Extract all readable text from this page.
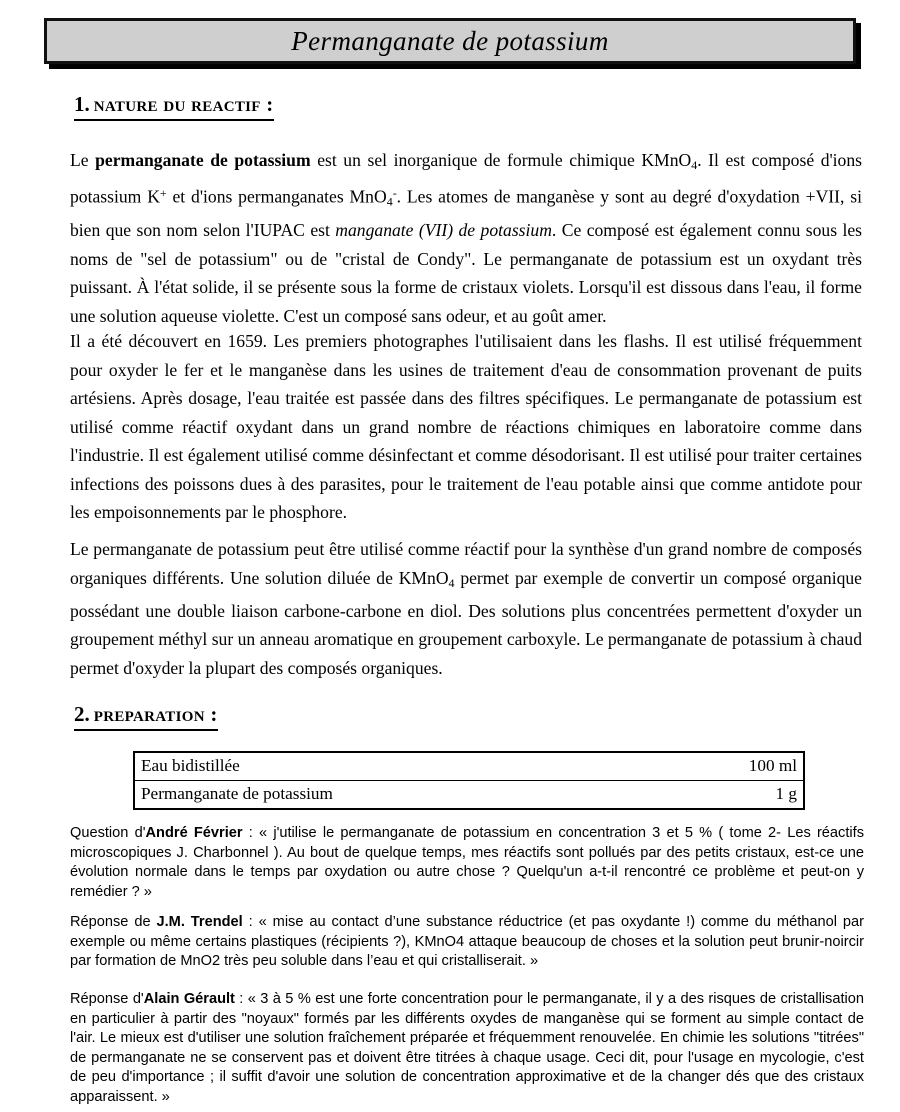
Permanganate de potassium
1. nature du reactif :
Le permanganate de potassium est un sel inorganique de formule chimique KMnO$_4$. Il est composé d'ions potassium K+ et d'ions permanganates MnO$_4$-. Les atomes de manganèse y sont au degré d'oxydation +VII, si bien que son nom selon l'IUPAC est manganate (VII) de potassium. Ce composé est également connu sous les noms de "sel de potassium" ou de "cristal de Condy". Le permanganate de potassium est un oxydant très puissant. À l'état solide, il se présente sous la forme de cristaux violets. Lorsqu'il est dissous dans l'eau, il forme une solution aqueuse violette. C'est un composé sans odeur, et au goût amer.
Il a été découvert en 1659. Les premiers photographes l'utilisaient dans les flashs. Il est utilisé fréquemment pour oxyder le fer et le manganèse dans les usines de traitement d'eau de consommation provenant de puits artésiens. Après dosage, l'eau traitée est passée dans des filtres spécifiques. Le permanganate de potassium est utilisé comme réactif oxydant dans un grand nombre de réactions chimiques en laboratoire comme dans l'industrie. Il est également utilisé comme désinfectant et comme désodorisant. Il est utilisé pour traiter certaines infections des poissons dues à des parasites, pour le traitement de l'eau potable ainsi que comme antidote pour les empoisonnements par le phosphore.
Le permanganate de potassium peut être utilisé comme réactif pour la synthèse d'un grand nombre de composés organiques différents. Une solution diluée de KMnO$_4$ permet par exemple de convertir un composé organique possédant une double liaison carbone-carbone en diol. Des solutions plus concentrées permettent d'oxyder un groupement méthyl sur un anneau aromatique en groupement carboxyle. Le permanganate de potassium à chaud permet d'oxyder la plupart des composés organiques.
2. preparation :
Eau bidistillée	100 ml
Permanganate de potassium	1 g
Question d'André Février : « j'utilise le permanganate de potassium en concentration 3 et 5 % ( tome 2- Les réactifs microscopiques J. Charbonnel ). Au bout de quelque temps, mes réactifs sont pollués par des petits cristaux, est-ce une évolution normale dans le temps par oxydation ou autre chose ? Quelqu'un a-t-il rencontré ce problème et peut-on y remédier ? »
Réponse de J.M. Trendel : « mise au contact d’une substance réductrice (et pas oxydante !) comme du méthanol par exemple ou même certains plastiques (récipients ?), KMnO4 attaque beaucoup de choses et la solution peut brunir-noircir par formation de MnO2 très peu soluble dans l’eau et qui cristalliserait. »
Réponse d'Alain Gérault : « 3 à 5 % est une forte concentration pour le permanganate, il y a des risques de cristallisation en particulier à partir des "noyaux" formés par les différents oxydes de manganèse qui se forment au simple contact de l'air. Le mieux est d'utiliser une solution fraîchement préparée et fréquemment renouvelée. En chimie les solutions "titrées" de permanganate ne se conservent pas et doivent être titrées à chaque usage. Ceci dit, pour l'usage en mycologie, c'est de peu d'importance ; il suffit d'avoir une solution de concentration approximative et de la changer dés que des cristaux apparaissent. »
